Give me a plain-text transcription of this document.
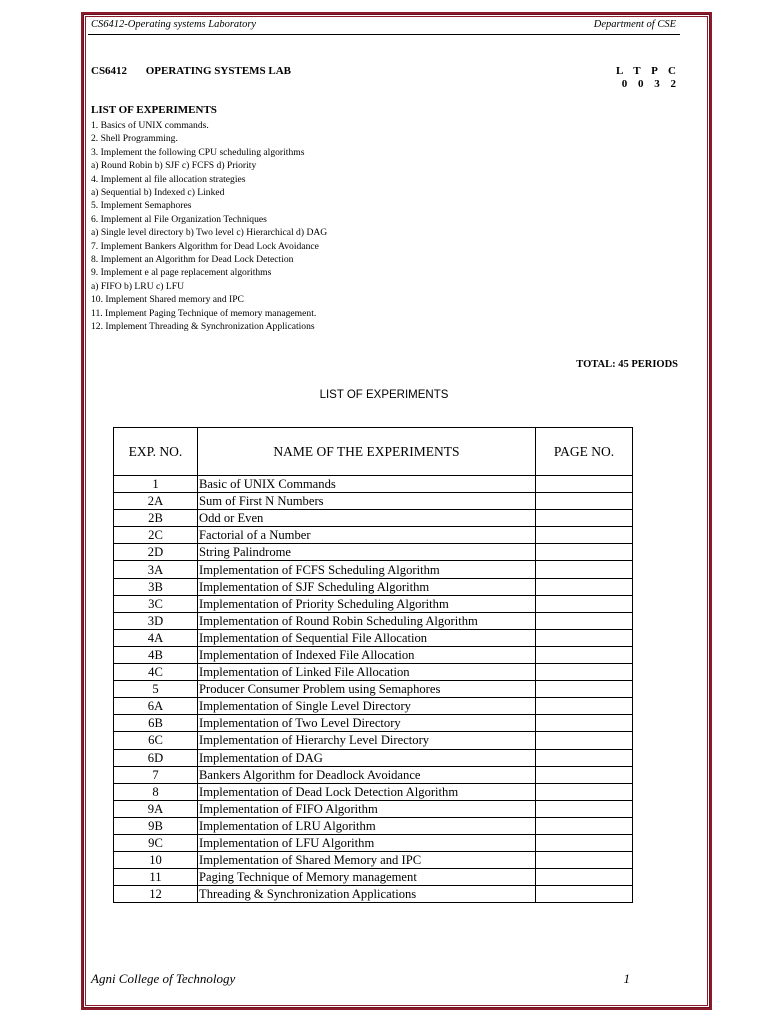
CS6412-Operating systems Laboratory	Department of CSE
CS6412 OPERATING SYSTEMS LAB	L T P C
0 0 3 2
LIST OF EXPERIMENTS
1. Basics of UNIX commands.
2. Shell Programming.
3. Implement the following CPU scheduling algorithms
a) Round Robin b) SJF c) FCFS d) Priority
4. Implement al file allocation strategies
a) Sequential b) Indexed c) Linked
5. Implement Semaphores
6. Implement al File Organization Techniques
a) Single level directory b) Two level c) Hierarchical d) DAG
7. Implement Bankers Algorithm for Dead Lock Avoidance
8. Implement an Algorithm for Dead Lock Detection
9. Implement e al page replacement algorithms
a) FIFO b) LRU c) LFU
10. Implement Shared memory and IPC
11. Implement Paging Technique of memory management.
12. Implement Threading & Synchronization Applications
TOTAL: 45 PERIODS
LIST OF EXPERIMENTS
EXP. NO.	NAME OF THE EXPERIMENTS	PAGE NO.
1	Basic of UNIX Commands	
2A	Sum of First N Numbers	
2B	Odd or Even	
2C	Factorial of a Number	
2D	String Palindrome	
3A	Implementation of FCFS Scheduling Algorithm	
3B	Implementation of SJF Scheduling Algorithm	
3C	Implementation of Priority Scheduling Algorithm	
3D	Implementation of Round Robin Scheduling Algorithm	
4A	Implementation of Sequential File Allocation	
4B	Implementation of Indexed File Allocation	
4C	Implementation of Linked File Allocation	
5	Producer Consumer Problem using Semaphores	
6A	Implementation of Single Level Directory	
6B	Implementation of Two Level Directory	
6C	Implementation of Hierarchy Level Directory	
6D	Implementation of DAG	
7	Bankers Algorithm for Deadlock Avoidance	
8	Implementation of Dead Lock Detection Algorithm	
9A	Implementation of FIFO Algorithm	
9B	Implementation of LRU Algorithm	
9C	Implementation of LFU Algorithm	
10	Implementation of Shared Memory and IPC	
11	Paging Technique of Memory management	
12	Threading & Synchronization Applications	
Agni College of Technology	1
